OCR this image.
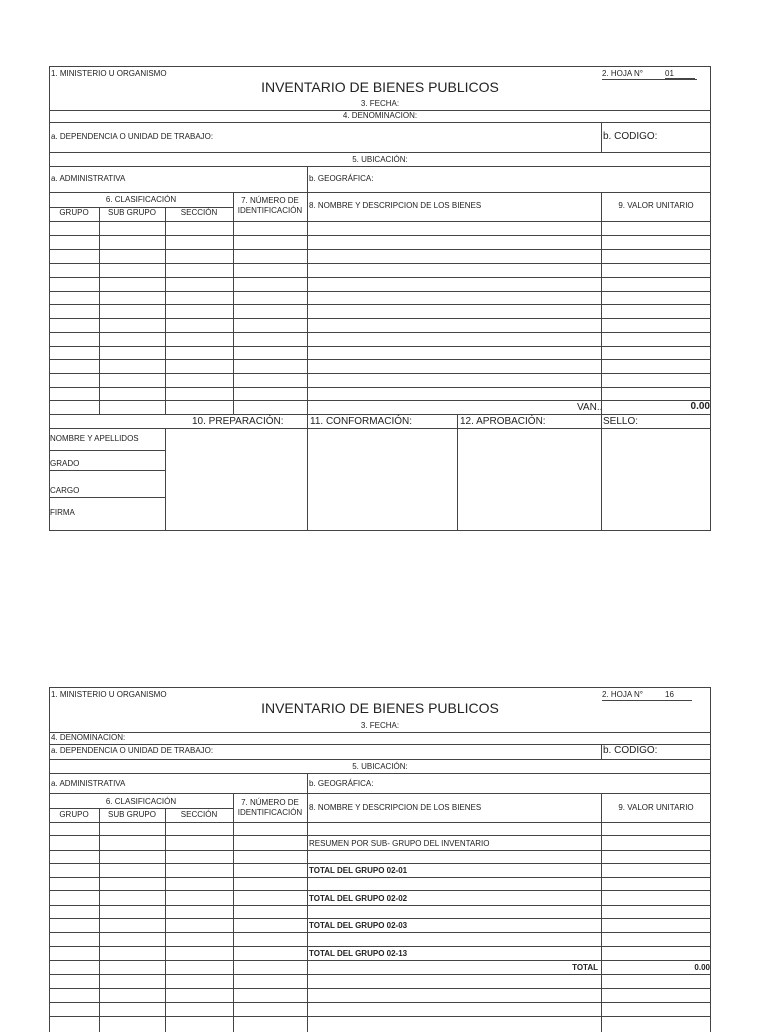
1. MINISTERIO U ORGANISMO
INVENTARIO DE BIENES PUBLICOS
2. HOJA N°	01
3. FECHA:
4. DENOMINACION:
a. DEPENDENCIA O UNIDAD DE TRABAJO:	b. CODIGO:
5. UBICACIÓN:
a. ADMINISTRATIVA	b. GEOGRÁFICA:
6. CLASIFICACIÓN
GRUPO	SUB GRUPO	SECCIÓN
7. NÚMERO DE
IDENTIFICACIÓN
8. NOMBRE Y DESCRIPCION DE LOS BIENES	9. VALOR UNITARIO
VAN..	0.00
10. PREPARACIÓN:	11. CONFORMACIÓN:	12. APROBACIÓN:	SELLO:
NOMBRE Y APELLIDOS
GRADO
CARGO
FIRMA
1. MINISTERIO U ORGANISMO
INVENTARIO DE BIENES PUBLICOS
2. HOJA N°	16
3. FECHA:
4. DENOMINACION:
a. DEPENDENCIA O UNIDAD DE TRABAJO:	b. CODIGO:
5. UBICACIÓN:
a. ADMINISTRATIVA	b. GEOGRÁFICA:
6. CLASIFICACIÓN
GRUPO	SUB GRUPO	SECCIÓN
7. NÚMERO DE
IDENTIFICACIÓN
8. NOMBRE Y DESCRIPCION DE LOS BIENES	9. VALOR UNITARIO
RESUMEN POR SUB- GRUPO DEL INVENTARIO
TOTAL DEL GRUPO 02-01
TOTAL DEL GRUPO 02-02
TOTAL DEL GRUPO 02-03
TOTAL DEL GRUPO 02-13
TOTAL	0.00
